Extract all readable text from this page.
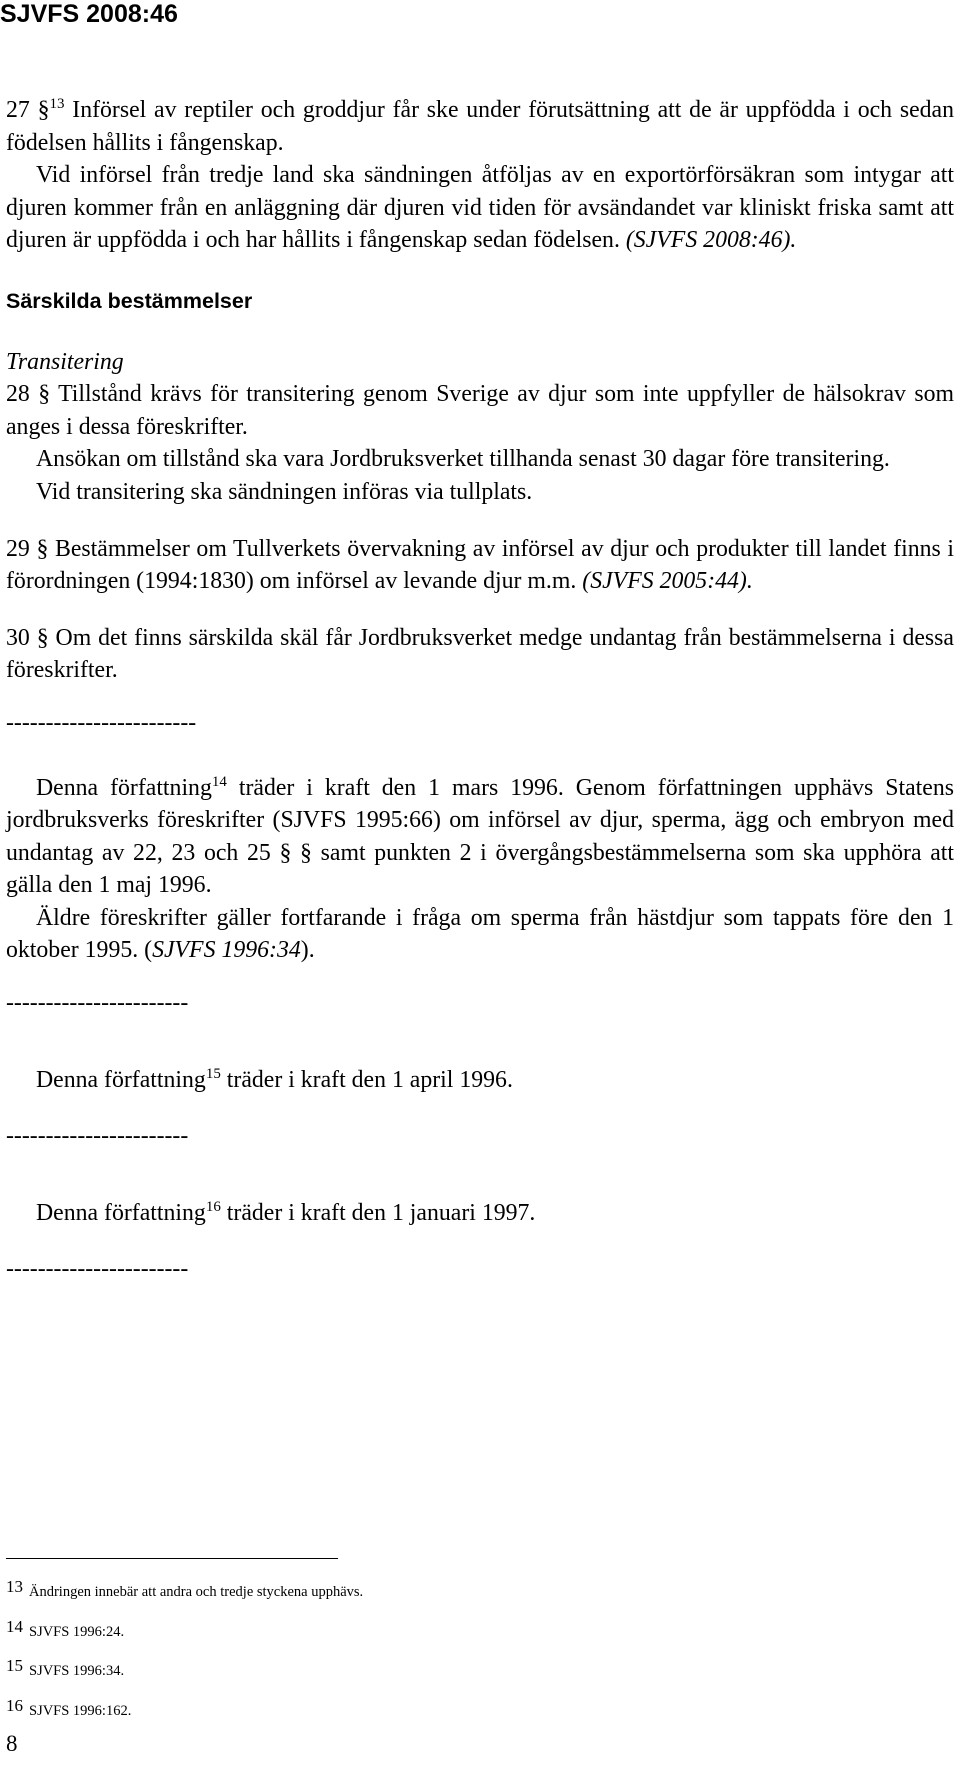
SJVFS 2008:46

27 §$^{13}$ Införsel av reptiler och groddjur får ske under förutsättning att de är uppfödda i och sedan födelsen hållits i fångenskap.

Vid införsel från tredje land ska sändningen åtföljas av en exportörförsäkran som intygar att djuren kommer från en anläggning där djuren vid tiden för avsändandet var kliniskt friska samt att djuren är uppfödda i och har hållits i fångenskap sedan födelsen. (SJVFS 2008:46).

Särskilda bestämmelser

Transitering

28 § Tillstånd krävs för transitering genom Sverige av djur som inte uppfyller de hälsokrav som anges i dessa föreskrifter.

Ansökan om tillstånd ska vara Jordbruksverket tillhanda senast 30 dagar före transitering.

Vid transitering ska sändningen införas via tullplats.

29 § Bestämmelser om Tullverkets övervakning av införsel av djur och produkter till landet finns i förordningen (1994:1830) om införsel av levande djur m.m. (SJVFS 2005:44).

30 § Om det finns särskilda skäl får Jordbruksverket medge undantag från bestämmelserna i dessa föreskrifter.

------------------------

Denna författning$^{14}$ träder i kraft den 1 mars 1996. Genom författningen upphävs Statens jordbruksverks föreskrifter (SJVFS 1995:66) om införsel av djur, sperma, ägg och embryon med undantag av 22, 23 och 25 § § samt punkten 2 i övergångsbestämmelserna som ska upphöra att gälla den 1 maj 1996.

Äldre föreskrifter gäller fortfarande i fråga om sperma från hästdjur som tappats före den 1 oktober 1995. (SJVFS 1996:34).

-----------------------

Denna författning$^{15}$ träder i kraft den 1 april 1996.

-----------------------

Denna författning$^{16}$ träder i kraft den 1 januari 1997.

-----------------------

13 Ändringen innebär att andra och tredje styckena upphävs.
14 SJVFS 1996:24.
15 SJVFS 1996:34.
16 SJVFS 1996:162.
8
